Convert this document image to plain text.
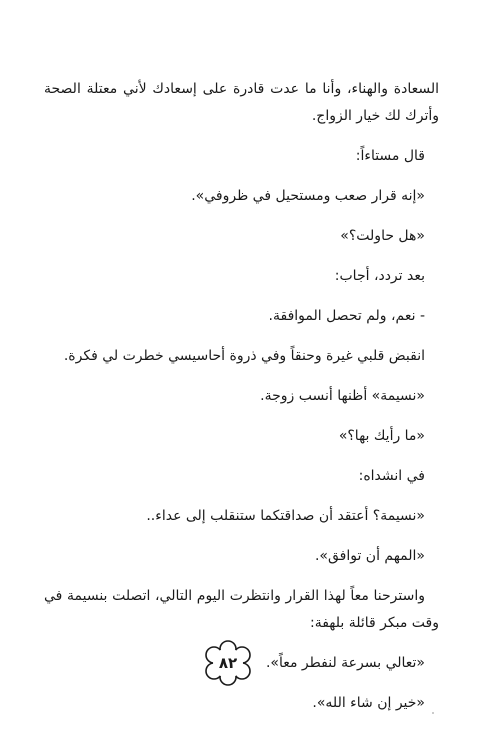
السعادة والهناء، وأنا ما عدت قادرة على إسعادك لأني معتلة الصحة وأترك لك خيار الزواج.

قال مستاءاً:

«إنه قرار صعب ومستحيل في ظروفي».

«هل حاولت؟»

بعد تردد، أجاب:

- نعم، ولم تحصل الموافقة.

انقبض قلبي غيرة وحنقاً وفي ذروة أحاسيسي خطرت لي فكرة.

«نسيمة» أظنها أنسب زوجة.

«ما رأيك بها؟»

في انشداه:

«نسيمة؟ أعتقد أن صداقتكما ستنقلب إلى عداء..

«المهم أن توافق».

واسترحنا معاً لهذا القرار وانتظرت اليوم التالي، اتصلت بنسيمة في وقت مبكر قائلة بلهفة:

«تعالي بسرعة لنفطر معاً».

«خير إن شاء الله».

٨٢
